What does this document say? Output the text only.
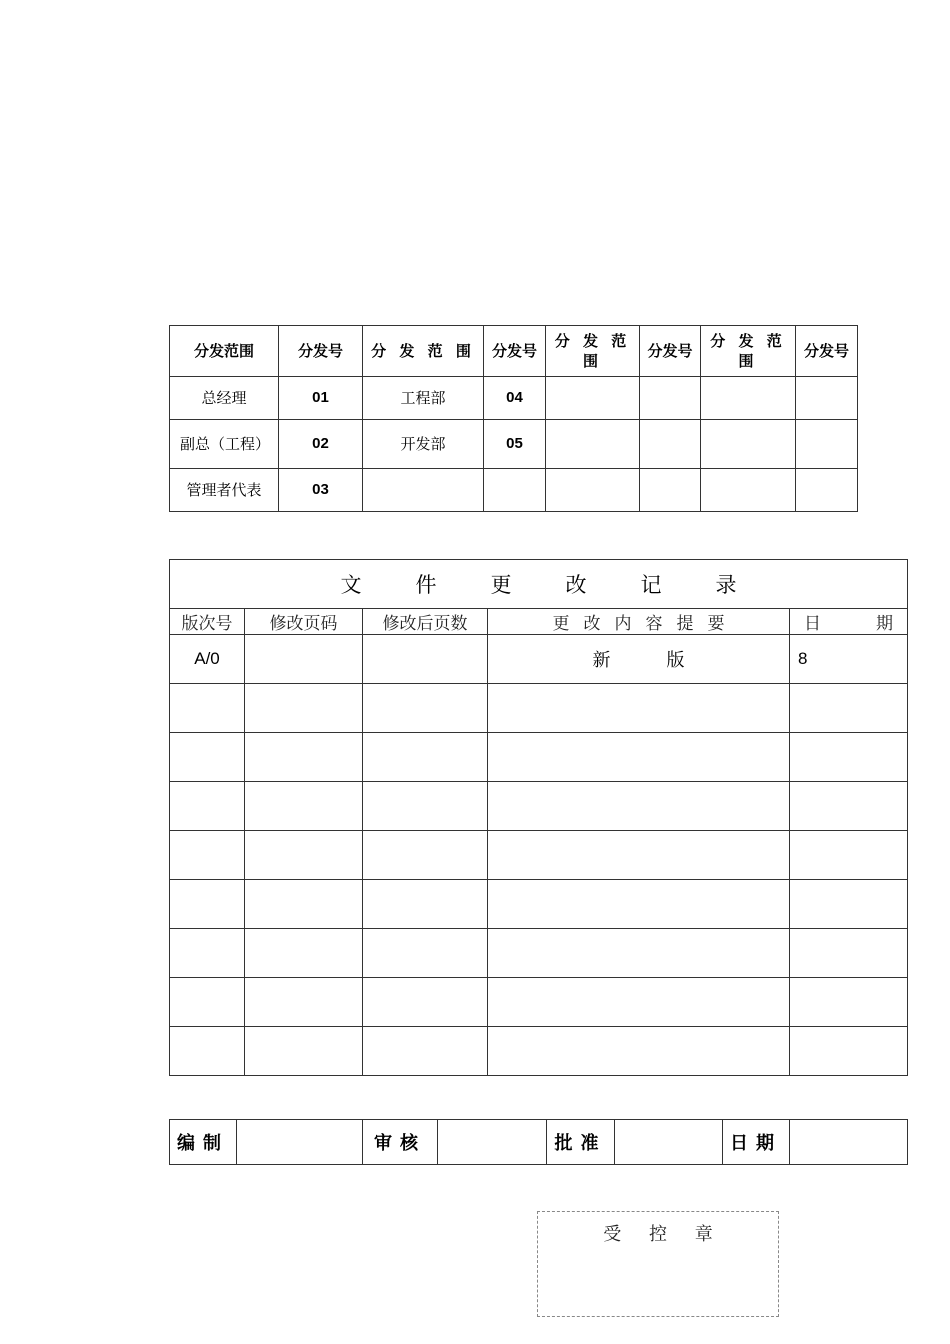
分发范围	分发号	分 发 范 围	分发号	分 发 范 围	分发号	分 发 范 围	分发号
总经理	01	工程部	04				
副总（工程）	02	开发部	05				
管理者代表	03						
文 件 更 改 记 录				
版次号	修改页码	修改后页数	更 改 内 容 提 要	日 期
A/0			新 版	8

编制		审核		批准		日期	
受 控 章
